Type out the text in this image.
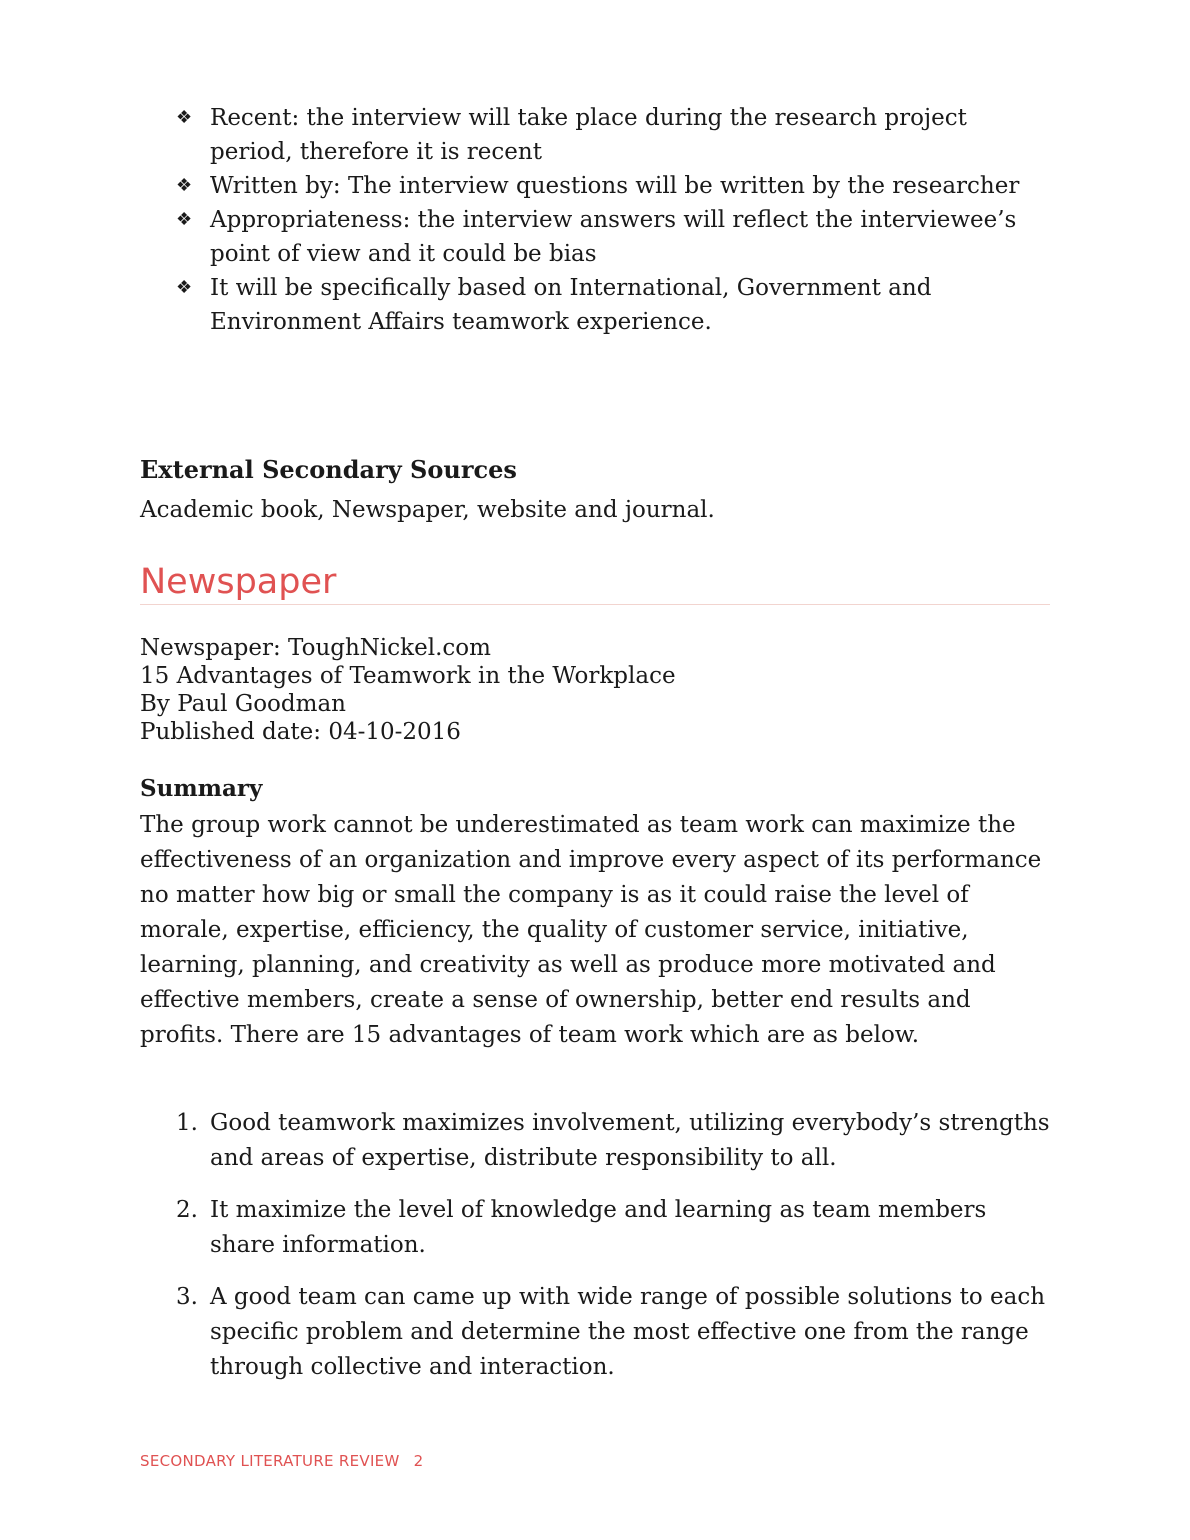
❖ Recent: the interview will take place during the research project period, therefore it is recent
❖ Written by: The interview questions will be written by the researcher
❖ Appropriateness: the interview answers will reflect the interviewee’s point of view and it could be bias
❖ It will be specifically based on International, Government and Environment Affairs teamwork experience.
External Secondary Sources
Academic book, Newspaper, website and journal.
Newspaper
Newspaper: ToughNickel.com
15 Advantages of Teamwork in the Workplace
By Paul Goodman
Published date: 04-10-2016
Summary
The group work cannot be underestimated as team work can maximize the effectiveness of an organization and improve every aspect of its performance no matter how big or small the company is as it could raise the level of morale, expertise, efficiency, the quality of customer service, initiative, learning, planning, and creativity as well as produce more motivated and effective members, create a sense of ownership, better end results and profits. There are 15 advantages of team work which are as below.
1. Good teamwork maximizes involvement, utilizing everybody’s strengths and areas of expertise, distribute responsibility to all.
2. It maximize the level of knowledge and learning as team members share information.
3. A good team can came up with wide range of possible solutions to each specific problem and determine the most effective one from the range through collective and interaction.
SECONDARY LITERATURE REVIEW 2
